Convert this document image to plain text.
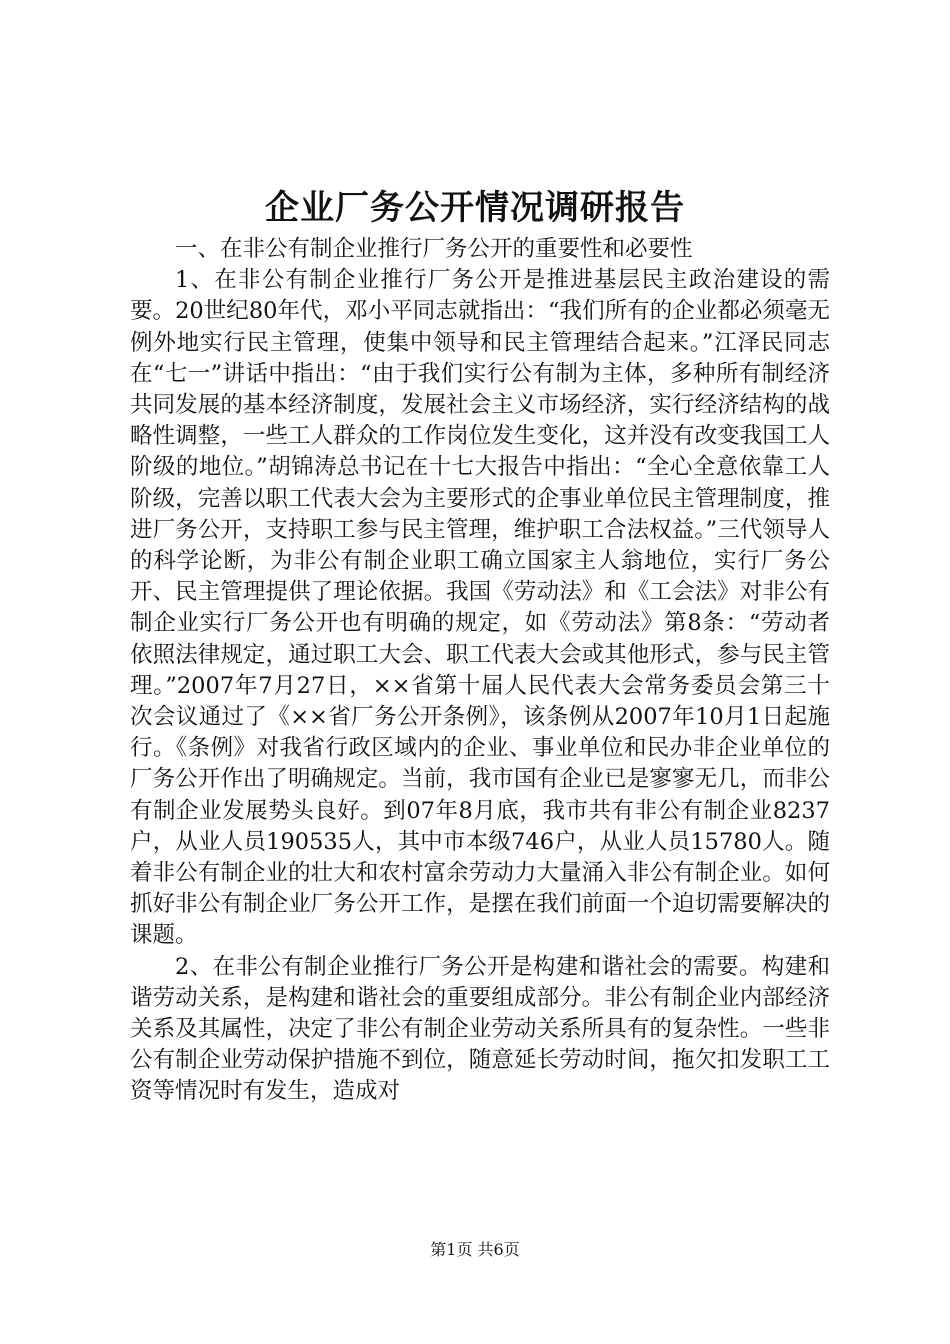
企业厂务公开情况调研报告

一、在非公有制企业推行厂务公开的重要性和必要性

1、在非公有制企业推行厂务公开是推进基层民主政治建设的需要。20世纪80年代，邓小平同志就指出：“我们所有的企业都必须毫无例外地实行民主管理，使集中领导和民主管理结合起来。”江泽民同志在“七一”讲话中指出：“由于我们实行公有制为主体，多种所有制经济共同发展的基本经济制度，发展社会主义市场经济，实行经济结构的战略性调整，一些工人群众的工作岗位发生变化，这并没有改变我国工人阶级的地位。”胡锦涛总书记在十七大报告中指出：“全心全意依靠工人阶级，完善以职工代表大会为主要形式的企事业单位民主管理制度，推进厂务公开，支持职工参与民主管理，维护职工合法权益。”三代领导人的科学论断，为非公有制企业职工确立国家主人翁地位，实行厂务公开、民主管理提供了理论依据。我国《劳动法》和《工会法》对非公有制企业实行厂务公开也有明确的规定，如《劳动法》第8条：“劳动者依照法律规定，通过职工大会、职工代表大会或其他形式，参与民主管理。”2007年7月27日，××省第十届人民代表大会常务委员会第三十次会议通过了《××省厂务公开条例》，该条例从2007年10月1日起施行。《条例》对我省行政区域内的企业、事业单位和民办非企业单位的厂务公开作出了明确规定。当前，我市国有企业已是寥寥无几，而非公有制企业发展势头良好。到07年8月底，我市共有非公有制企业8237户，从业人员190535人，其中市本级746户，从业人员15780人。随着非公有制企业的壮大和农村富余劳动力大量涌入非公有制企业。如何抓好非公有制企业厂务公开工作，是摆在我们前面一个迫切需要解决的课题。

2、在非公有制企业推行厂务公开是构建和谐社会的需要。构建和谐劳动关系，是构建和谐社会的重要组成部分。非公有制企业内部经济关系及其属性，决定了非公有制企业劳动关系所具有的复杂性。一些非公有制企业劳动保护措施不到位，随意延长劳动时间，拖欠扣发职工工资等情况时有发生，造成对

第1页 共6页
